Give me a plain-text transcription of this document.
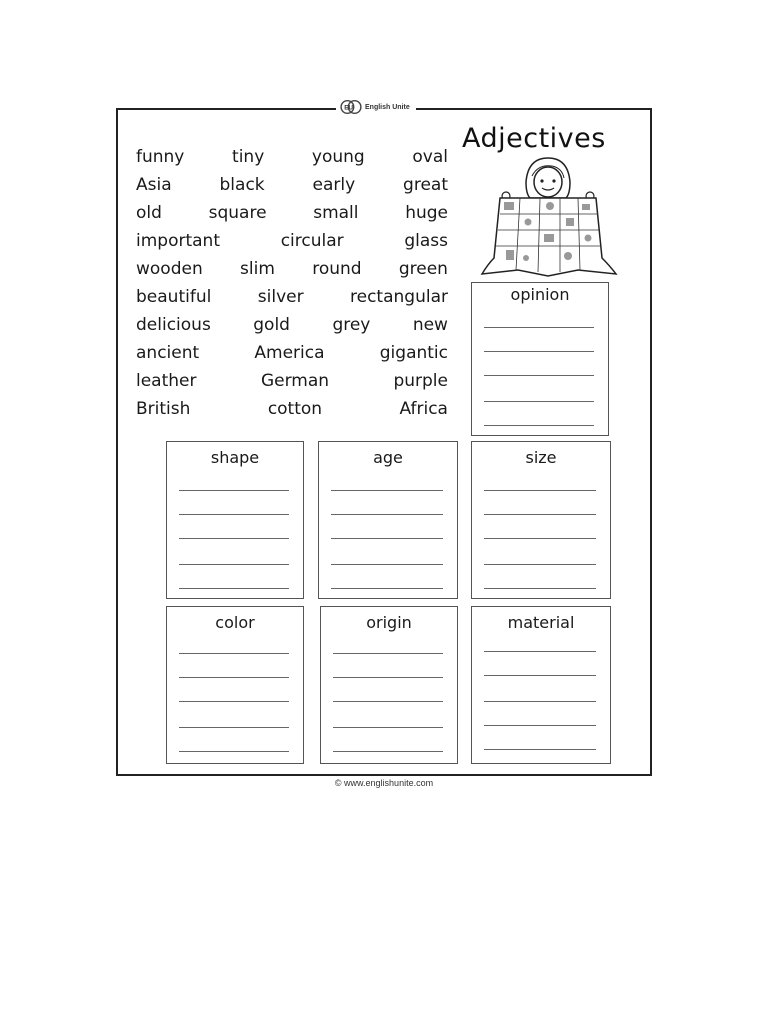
EU English Unite
Adjectives
funny	tiny	young	oval
Asia	black	early	great
old	square	small	huge
important	circular	glass
wooden slim round green
beautiful	silver	rectangular
delicious gold grey new
ancient	America	gigantic
leather	German	purple
British	cotton	Africa
opinion
shape	age	size
color	origin	material
© www.englishunite.com
